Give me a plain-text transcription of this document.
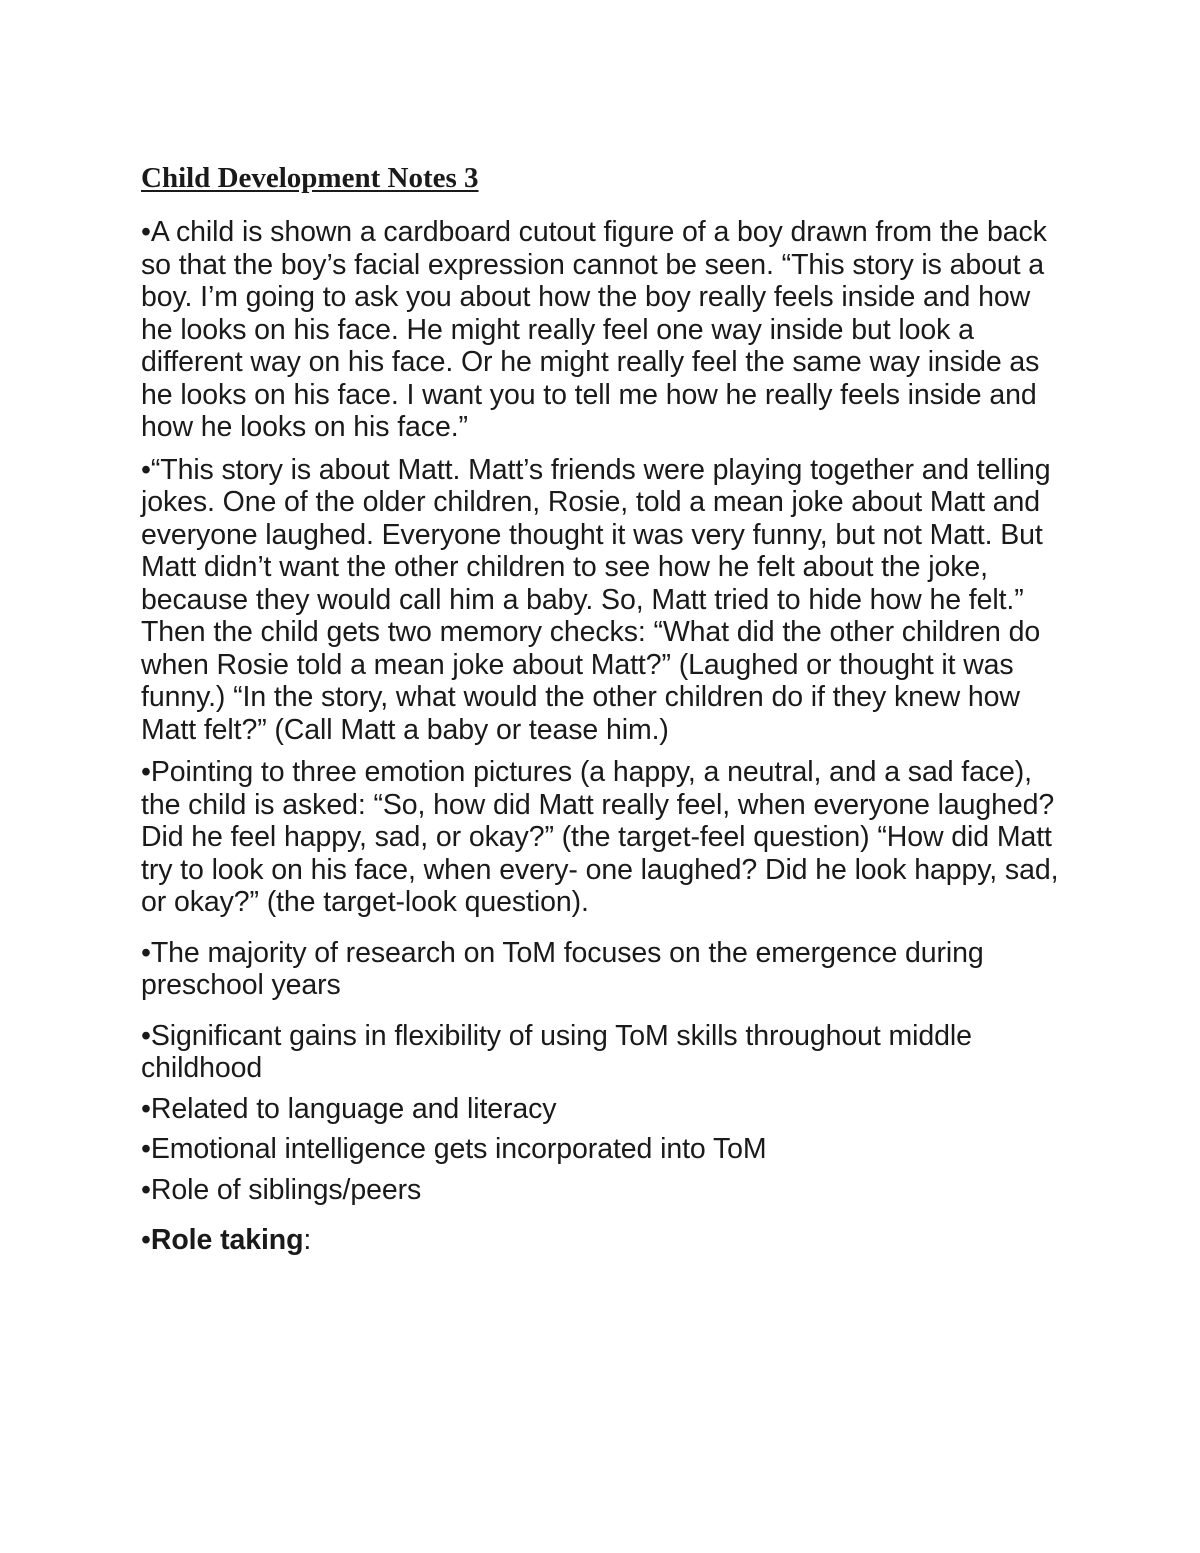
Child Development Notes 3

•A child is shown a cardboard cutout figure of a boy drawn from the back so that the boy’s facial expression cannot be seen. “This story is about a boy. I’m going to ask you about how the boy really feels inside and how he looks on his face. He might really feel one way inside but look a different way on his face. Or he might really feel the same way inside as he looks on his face. I want you to tell me how he really feels inside and how he looks on his face.”

•“This story is about Matt. Matt’s friends were playing together and telling jokes. One of the older children, Rosie, told a mean joke about Matt and everyone laughed. Everyone thought it was very funny, but not Matt. But Matt didn’t want the other children to see how he felt about the joke, because they would call him a baby. So, Matt tried to hide how he felt.” Then the child gets two memory checks: “What did the other children do when Rosie told a mean joke about Matt?” (Laughed or thought it was funny.) “In the story, what would the other children do if they knew how Matt felt?” (Call Matt a baby or tease him.)

•Pointing to three emotion pictures (a happy, a neutral, and a sad face), the child is asked: “So, how did Matt really feel, when everyone laughed? Did he feel happy, sad, or okay?” (the target-feel question) “How did Matt try to look on his face, when every- one laughed? Did he look happy, sad, or okay?” (the target-look question).

•The majority of research on ToM focuses on the emergence during preschool years

•Significant gains in flexibility of using ToM skills throughout middle childhood

•Related to language and literacy

•Emotional intelligence gets incorporated into ToM

•Role of siblings/peers

•Role taking:
